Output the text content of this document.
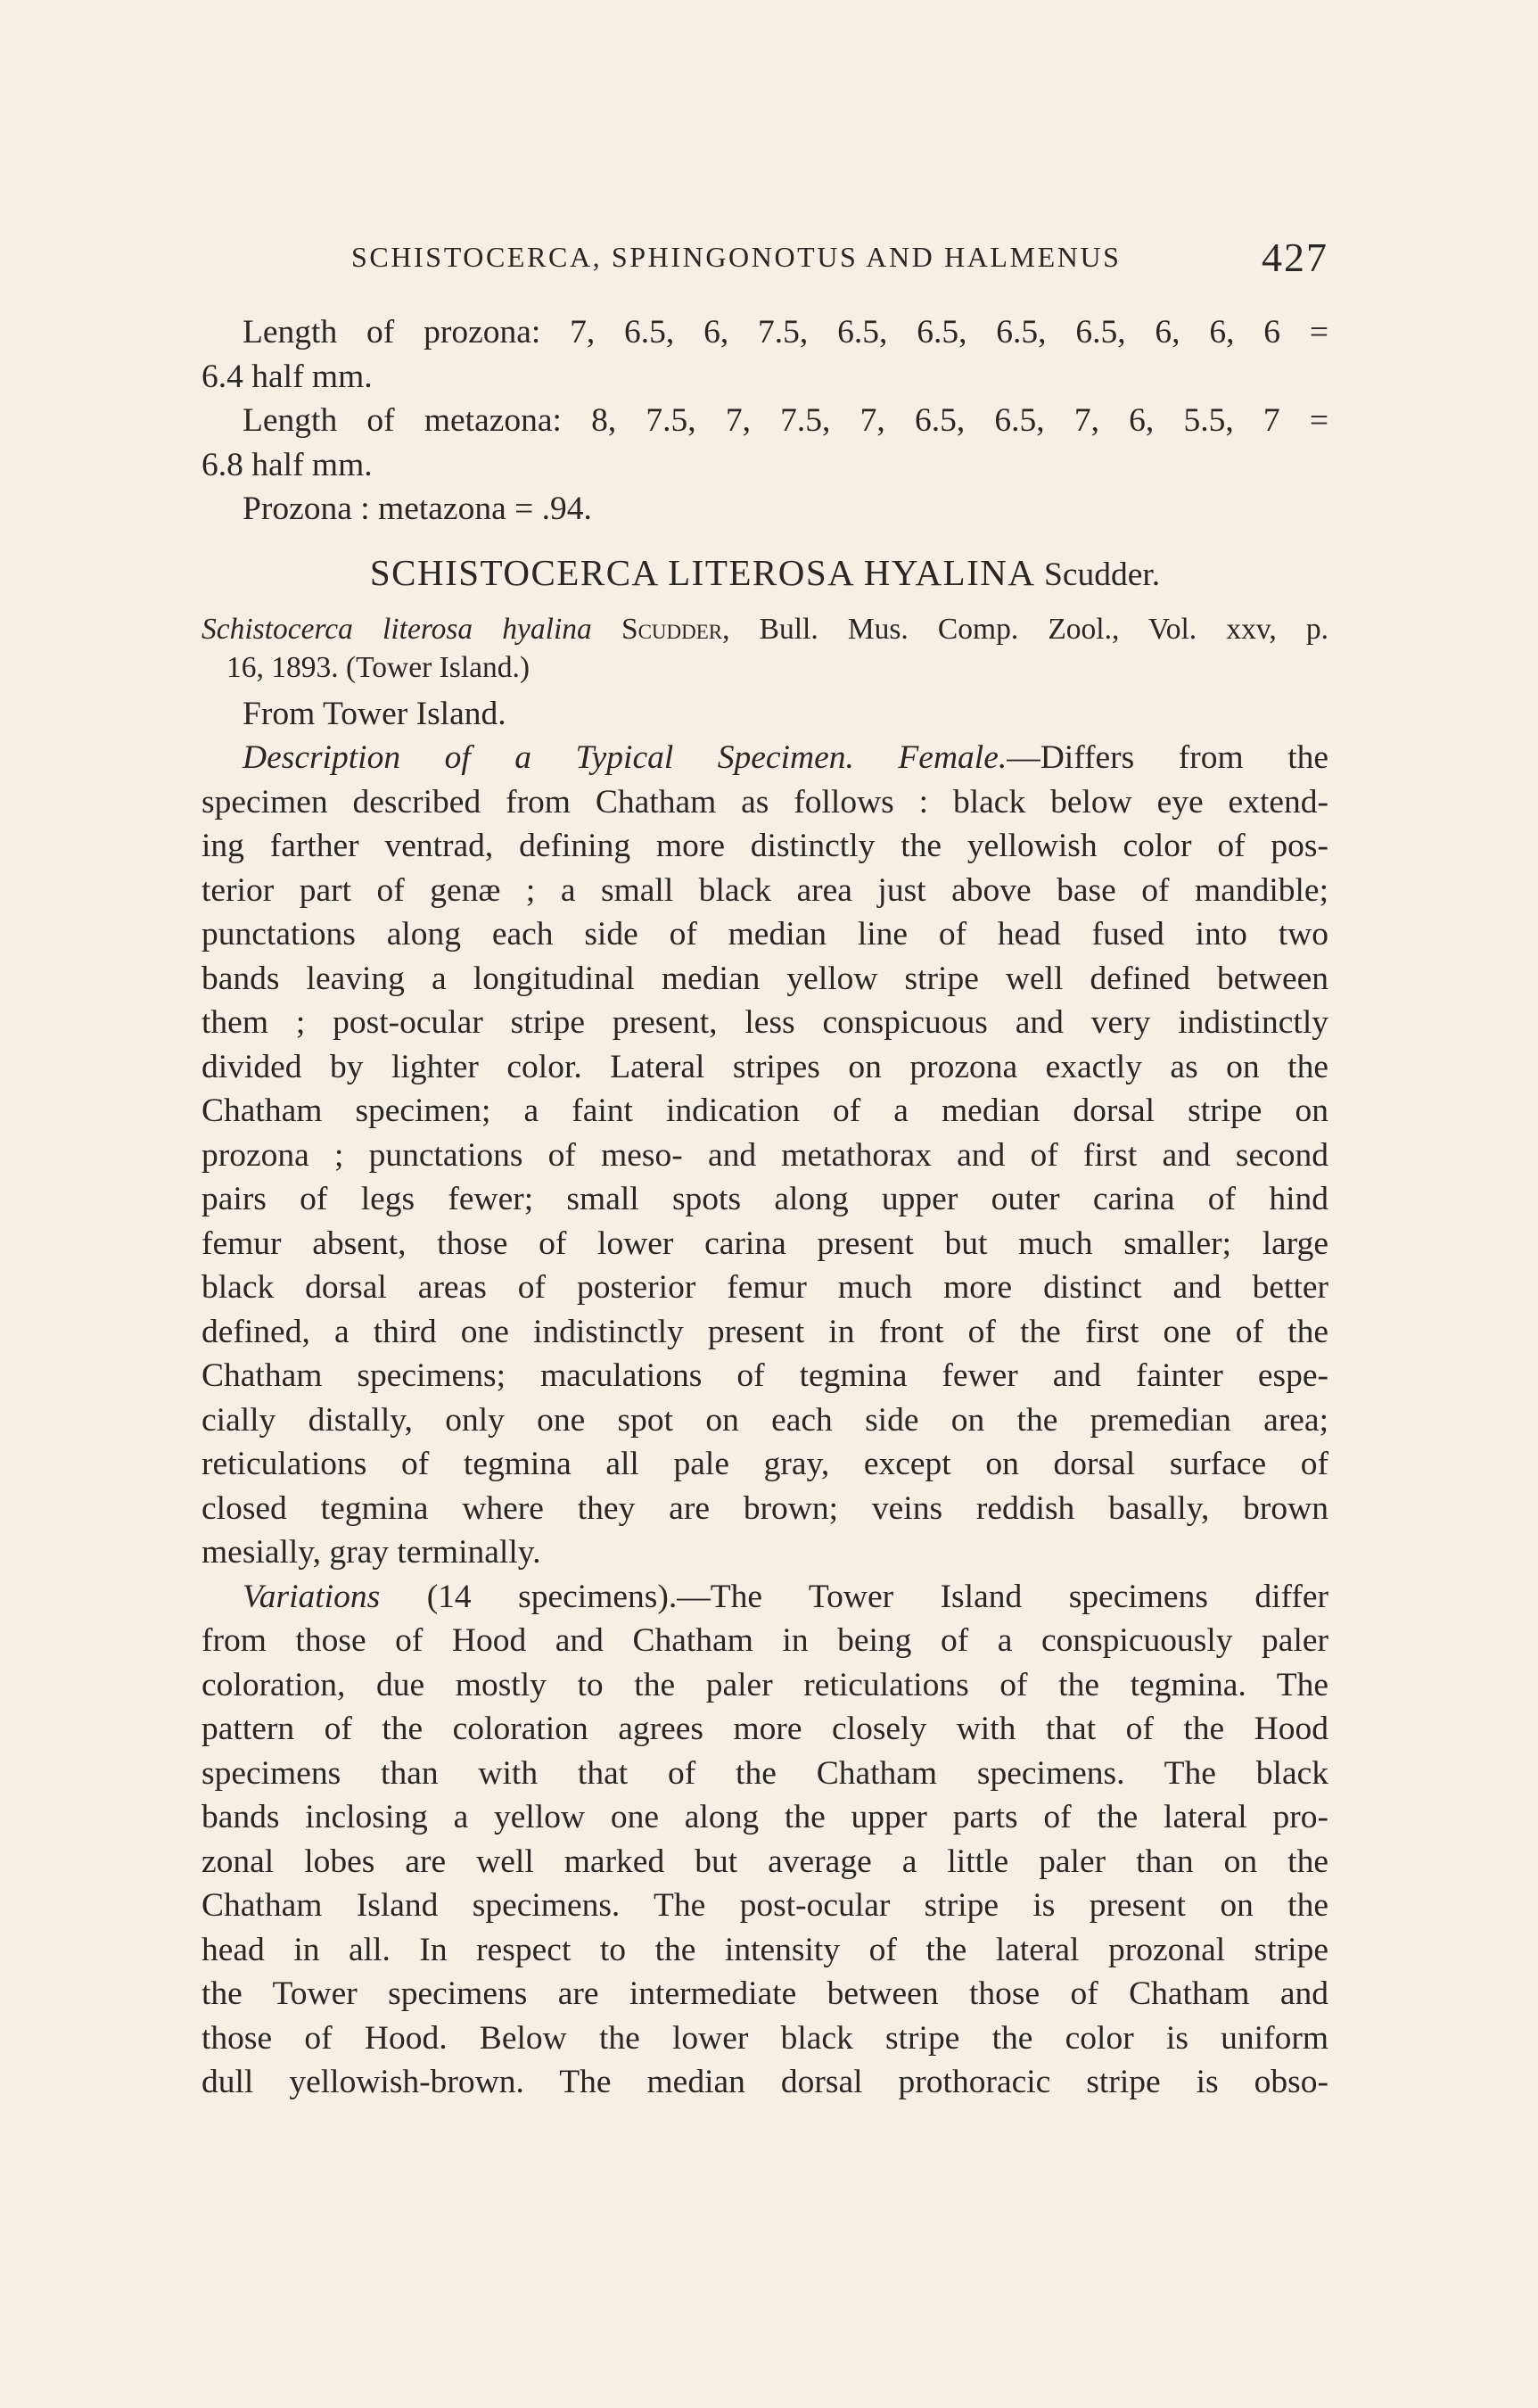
SCHISTOCERCA, SPHINGONOTUS AND HALMENUS	427
Length of prozona: 7, 6.5, 6, 7.5, 6.5, 6.5, 6.5, 6.5, 6, 6, 6 =
6.4 half mm.
Length of metazona: 8, 7.5, 7, 7.5, 7, 6.5, 6.5, 7, 6, 5.5, 7 =
6.8 half mm.
Prozona : metazona = .94.
SCHISTOCERCA LITEROSA HYALINA Scudder.
Schistocerca literosa hyalina Scudder, Bull. Mus. Comp. Zool., Vol. xxv, p.
16, 1893. (Tower Island.)
From Tower Island.
Description of a Typical Specimen. Female.—Differs from the
specimen described from Chatham as follows : black below eye extend-
ing farther ventrad, defining more distinctly the yellowish color of pos-
terior part of genæ ; a small black area just above base of mandible;
punctations along each side of median line of head fused into two
bands leaving a longitudinal median yellow stripe well defined between
them ; post-ocular stripe present, less conspicuous and very indistinctly
divided by lighter color. Lateral stripes on prozona exactly as on the
Chatham specimen; a faint indication of a median dorsal stripe on
prozona ; punctations of meso- and metathorax and of first and second
pairs of legs fewer; small spots along upper outer carina of hind
femur absent, those of lower carina present but much smaller; large
black dorsal areas of posterior femur much more distinct and better
defined, a third one indistinctly present in front of the first one of the
Chatham specimens; maculations of tegmina fewer and fainter espe-
cially distally, only one spot on each side on the premedian area;
reticulations of tegmina all pale gray, except on dorsal surface of
closed tegmina where they are brown; veins reddish basally, brown
mesially, gray terminally.
Variations (14 specimens).—The Tower Island specimens differ
from those of Hood and Chatham in being of a conspicuously paler
coloration, due mostly to the paler reticulations of the tegmina. The
pattern of the coloration agrees more closely with that of the Hood
specimens than with that of the Chatham specimens. The black
bands inclosing a yellow one along the upper parts of the lateral pro-
zonal lobes are well marked but average a little paler than on the
Chatham Island specimens. The post-ocular stripe is present on the
head in all. In respect to the intensity of the lateral prozonal stripe
the Tower specimens are intermediate between those of Chatham and
those of Hood. Below the lower black stripe the color is uniform
dull yellowish-brown. The median dorsal prothoracic stripe is obso-
